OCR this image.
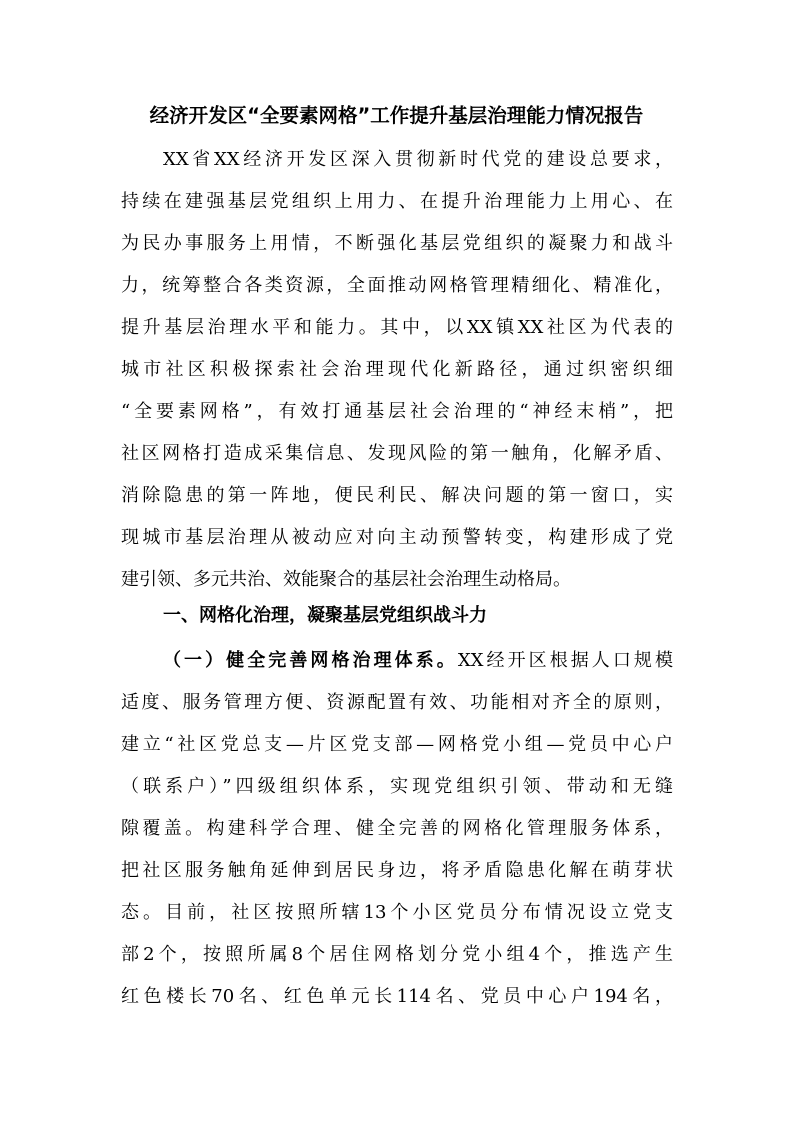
经济开发区“全要素网格”工作提升基层治理能力情况报告
XX省XX经济开发区深入贯彻新时代党的建设总要求，
持续在建强基层党组织上用力、在提升治理能力上用心、在
为民办事服务上用情，不断强化基层党组织的凝聚力和战斗
力，统筹整合各类资源，全面推动网格管理精细化、精准化，
提升基层治理水平和能力。其中，以XX镇XX社区为代表的
城市社区积极探索社会治理现代化新路径，通过织密织细
“全要素网格”，有效打通基层社会治理的“神经末梢”，把
社区网格打造成采集信息、发现风险的第一触角，化解矛盾、
消除隐患的第一阵地，便民利民、解决问题的第一窗口，实
现城市基层治理从被动应对向主动预警转变，构建形成了党
建引领、多元共治、效能聚合的基层社会治理生动格局。
一、网格化治理，凝聚基层党组织战斗力
（一）健全完善网格治理体系。XX经开区根据人口规模
适度、服务管理方便、资源配置有效、功能相对齐全的原则，
建立“社区党总支—片区党支部—网格党小组—党员中心户
（联系户）”四级组织体系，实现党组织引领、带动和无缝
隙覆盖。构建科学合理、健全完善的网格化管理服务体系，
把社区服务触角延伸到居民身边，将矛盾隐患化解在萌芽状
态。目前，社区按照所辖13个小区党员分布情况设立党支
部2个，按照所属8个居住网格划分党小组4个，推选产生
红色楼长70名、红色单元长114名、党员中心户194名，
